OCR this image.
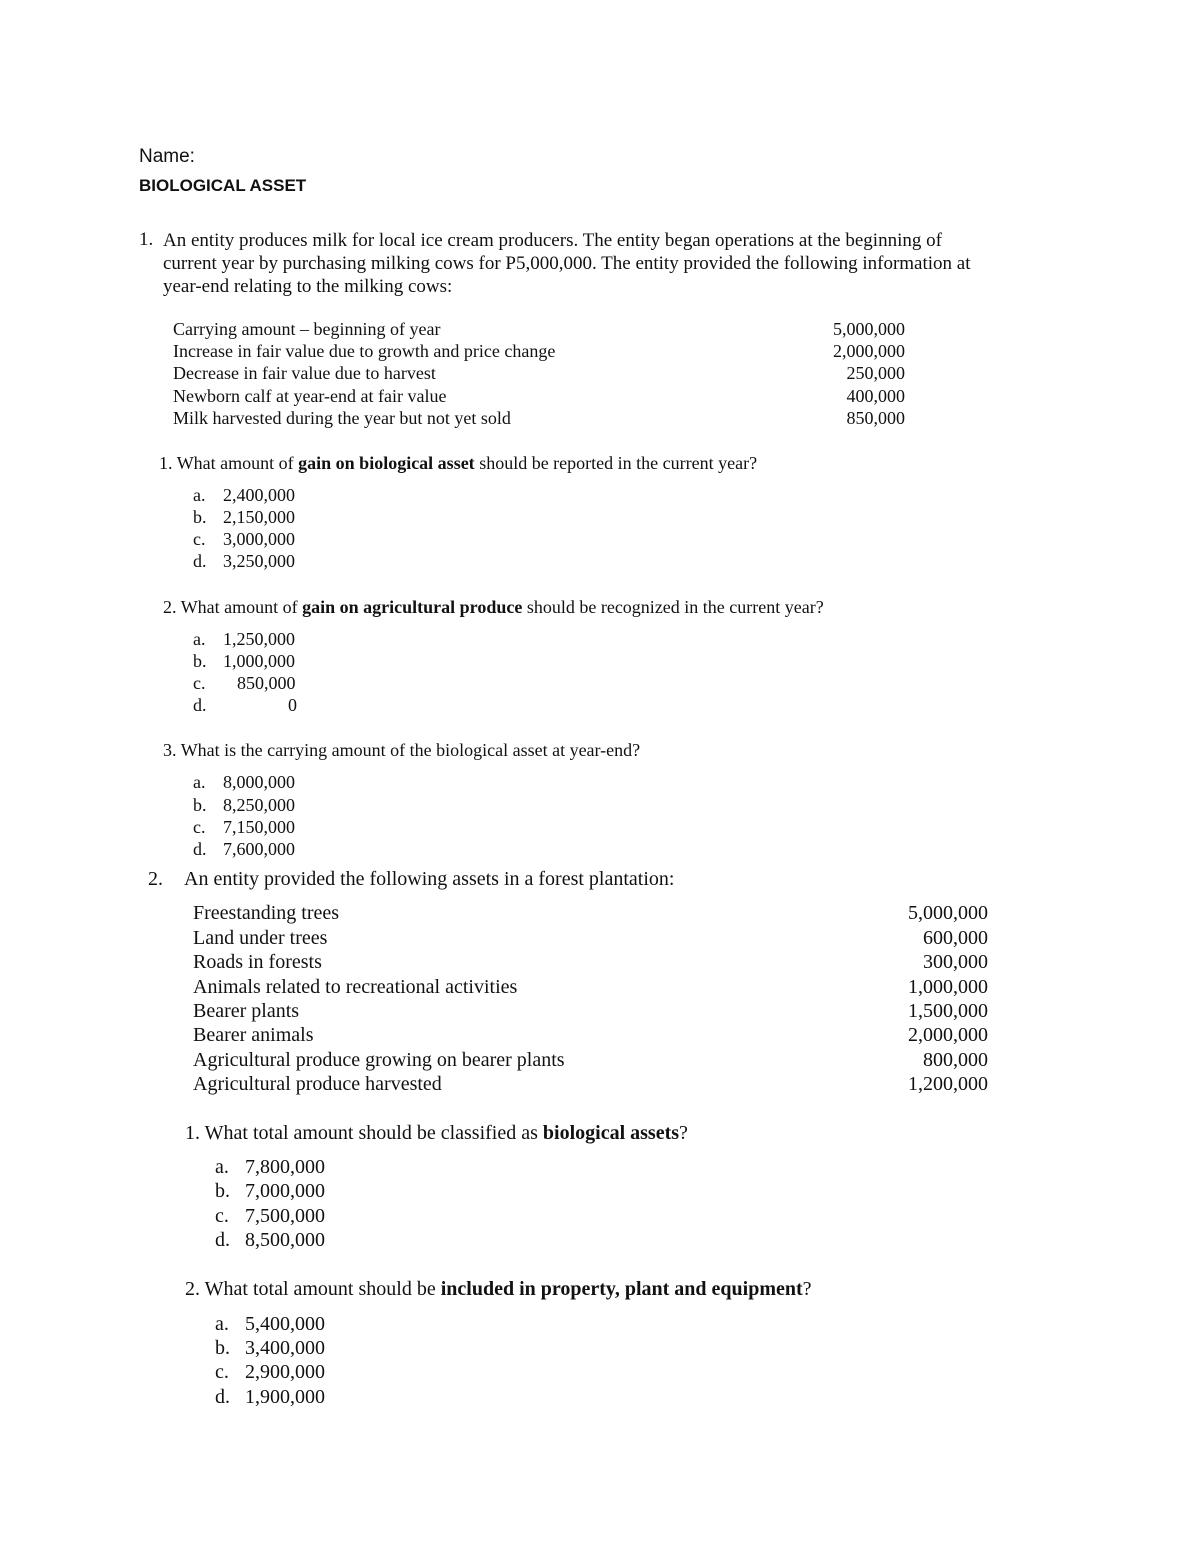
Name:
BIOLOGICAL ASSET
1. An entity produces milk for local ice cream producers. The entity began operations at the beginning of current year by purchasing milking cows for P5,000,000. The entity provided the following information at year-end relating to the milking cows:
Carrying amount – beginning of year	5,000,000
Increase in fair value due to growth and price change	2,000,000
Decrease in fair value due to harvest	250,000
Newborn calf at year-end at fair value	400,000
Milk harvested during the year but not yet sold	850,000
1. What amount of gain on biological asset should be reported in the current year?
a. 2,400,000
b. 2,150,000
c. 3,000,000
d. 3,250,000
2. What amount of gain on agricultural produce should be recognized in the current year?
a. 1,250,000
b. 1,000,000
c. 850,000
d.	0
3. What is the carrying amount of the biological asset at year-end?
a. 8,000,000
b. 8,250,000
c. 7,150,000
d. 7,600,000
2. An entity provided the following assets in a forest plantation:
Freestanding trees	5,000,000
Land under trees	600,000
Roads in forests	300,000
Animals related to recreational activities	1,000,000
Bearer plants	1,500,000
Bearer animals	2,000,000
Agricultural produce growing on bearer plants	800,000
Agricultural produce harvested	1,200,000
1. What total amount should be classified as biological assets?
a. 7,800,000
b. 7,000,000
c. 7,500,000
d. 8,500,000
2. What total amount should be included in property, plant and equipment?
a. 5,400,000
b. 3,400,000
c. 2,900,000
d. 1,900,000
